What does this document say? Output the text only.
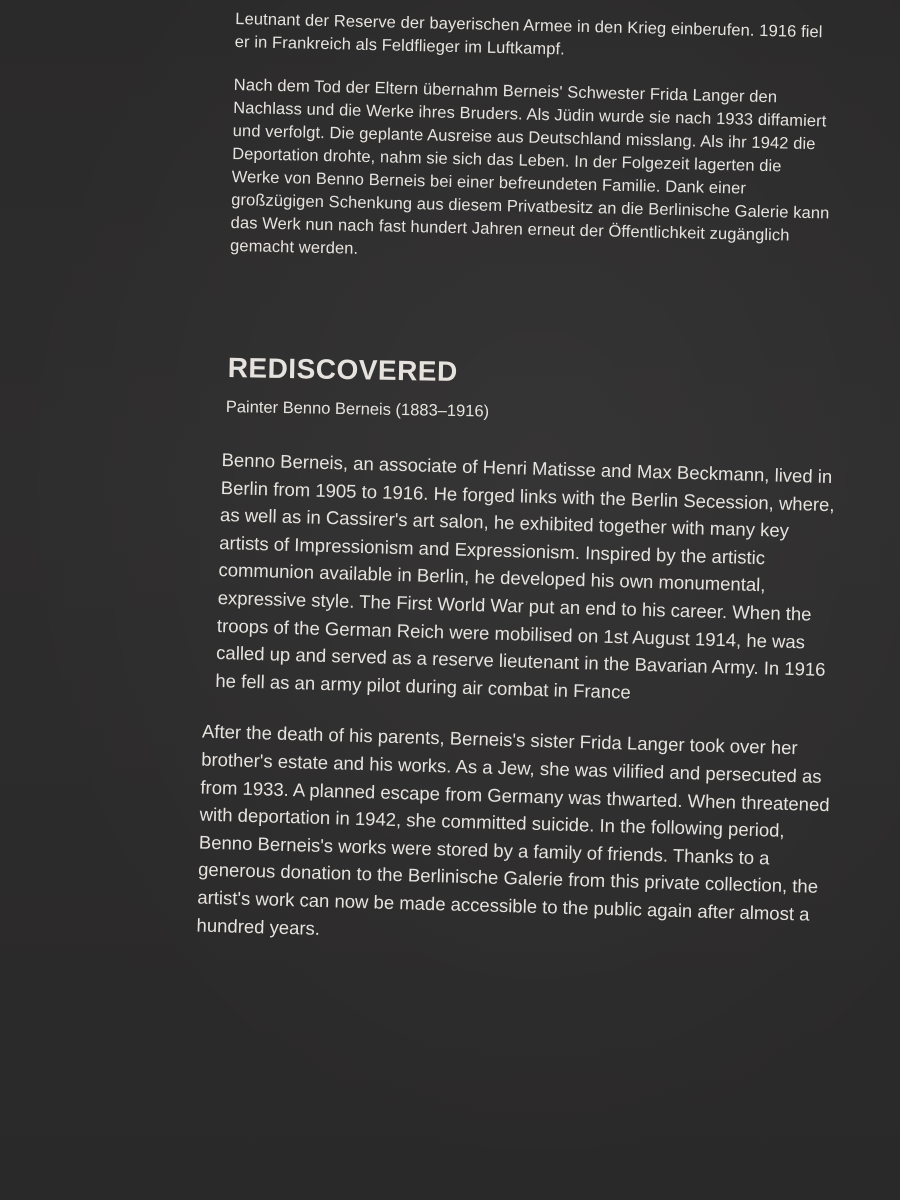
Leutnant der Reserve der bayerischen Armee in den Krieg einberufen. 1916 fiel er in Frankreich als Feldflieger im Luftkampf.

Nach dem Tod der Eltern übernahm Berneis' Schwester Frida Langer den Nachlass und die Werke ihres Bruders. Als Jüdin wurde sie nach 1933 diffamiert und verfolgt. Die geplante Ausreise aus Deutschland misslang. Als ihr 1942 die Deportation drohte, nahm sie sich das Leben. In der Folgezeit lagerten die Werke von Benno Berneis bei einer befreundeten Familie. Dank einer großzügigen Schenkung aus diesem Privatbesitz an die Berlinische Galerie kann das Werk nun nach fast hundert Jahren erneut der Öffentlichkeit zugänglich gemacht werden.

REDISCOVERED
Painter Benno Berneis (1883–1916)

Benno Berneis, an associate of Henri Matisse and Max Beckmann, lived in Berlin from 1905 to 1916. He forged links with the Berlin Secession, where, as well as in Cassirer's art salon, he exhibited together with many key artists of Impressionism and Expressionism. Inspired by the artistic communion available in Berlin, he developed his own monumental, expressive style. The First World War put an end to his career. When the troops of the German Reich were mobilised on 1st August 1914, he was called up and served as a reserve lieutenant in the Bavarian Army. In 1916 he fell as an army pilot during air combat in France

After the death of his parents, Berneis's sister Frida Langer took over her brother's estate and his works. As a Jew, she was vilified and persecuted as from 1933. A planned escape from Germany was thwarted. When threatened with deportation in 1942, she committed suicide. In the following period, Benno Berneis's works were stored by a family of friends. Thanks to a generous donation to the Berlinische Galerie from this private collection, the artist's work can now be made accessible to the public again after almost a hundred years.
